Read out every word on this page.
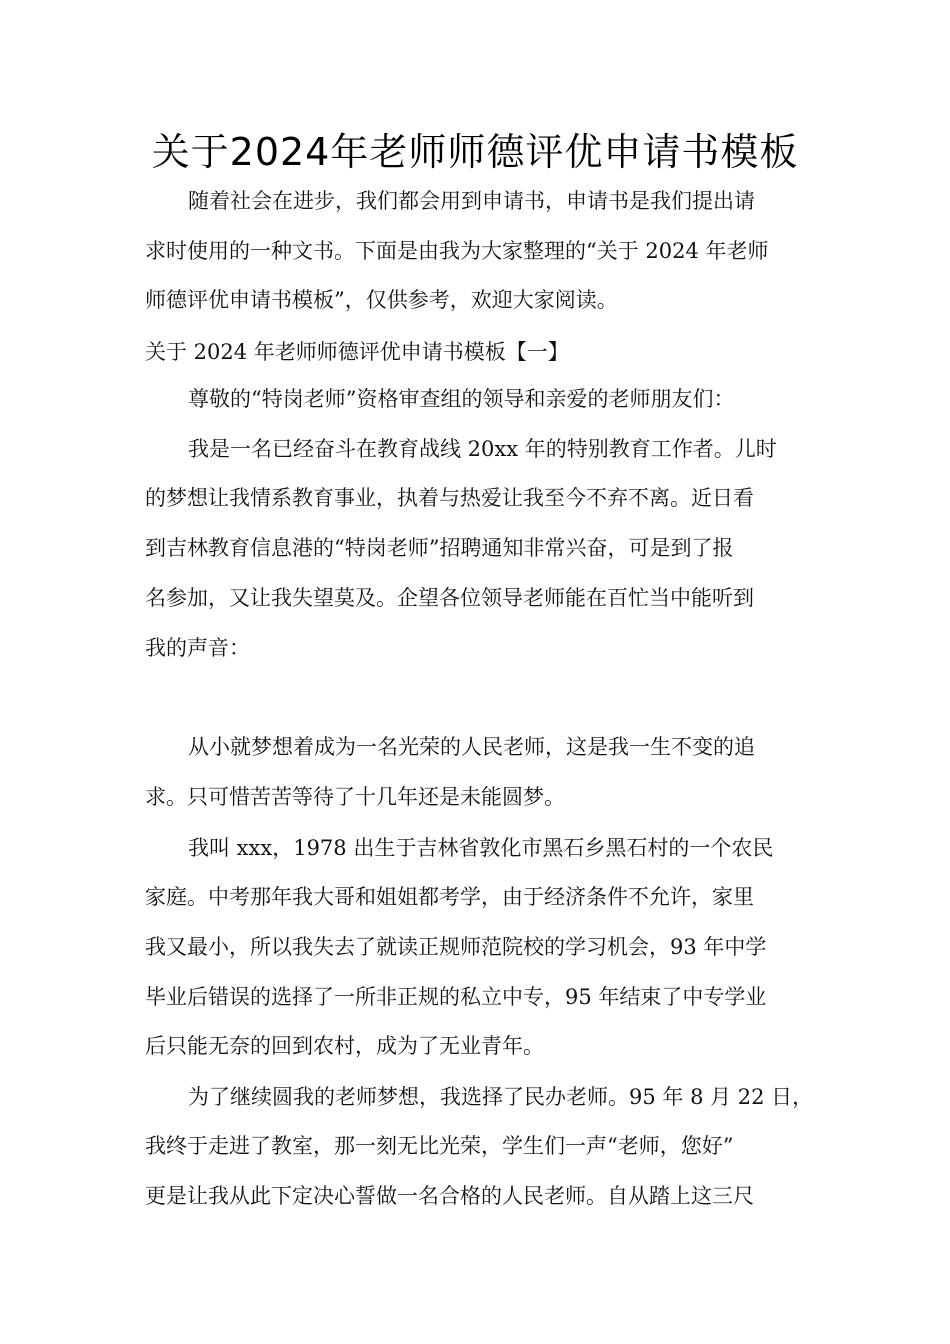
关于2024年老师师德评优申请书模板
随着社会在进步，我们都会用到申请书，申请书是我们提出请
求时使用的一种文书。下面是由我为大家整理的“关于 2024 年老师
师德评优申请书模板”，仅供参考，欢迎大家阅读。
关于 2024 年老师师德评优申请书模板【一】
尊敬的“特岗老师”资格审查组的领导和亲爱的老师朋友们：
我是一名已经奋斗在教育战线 20xx 年的特别教育工作者。儿时
的梦想让我情系教育事业，执着与热爱让我至今不弃不离。近日看
到吉林教育信息港的“特岗老师”招聘通知非常兴奋，可是到了报
名参加，又让我失望莫及。企望各位领导老师能在百忙当中能听到
我的声音：
从小就梦想着成为一名光荣的人民老师，这是我一生不变的追
求。只可惜苦苦等待了十几年还是未能圆梦。
我叫 xxx，1978 出生于吉林省敦化市黑石乡黑石村的一个农民
家庭。中考那年我大哥和姐姐都考学，由于经济条件不允许，家里
我又最小，所以我失去了就读正规师范院校的学习机会，93 年中学
毕业后错误的选择了一所非正规的私立中专，95 年结束了中专学业
后只能无奈的回到农村，成为了无业青年。
为了继续圆我的老师梦想，我选择了民办老师。95 年 8 月 22 日，
我终于走进了教室，那一刻无比光荣，学生们一声“老师，您好”
更是让我从此下定决心誓做一名合格的人民老师。自从踏上这三尺
